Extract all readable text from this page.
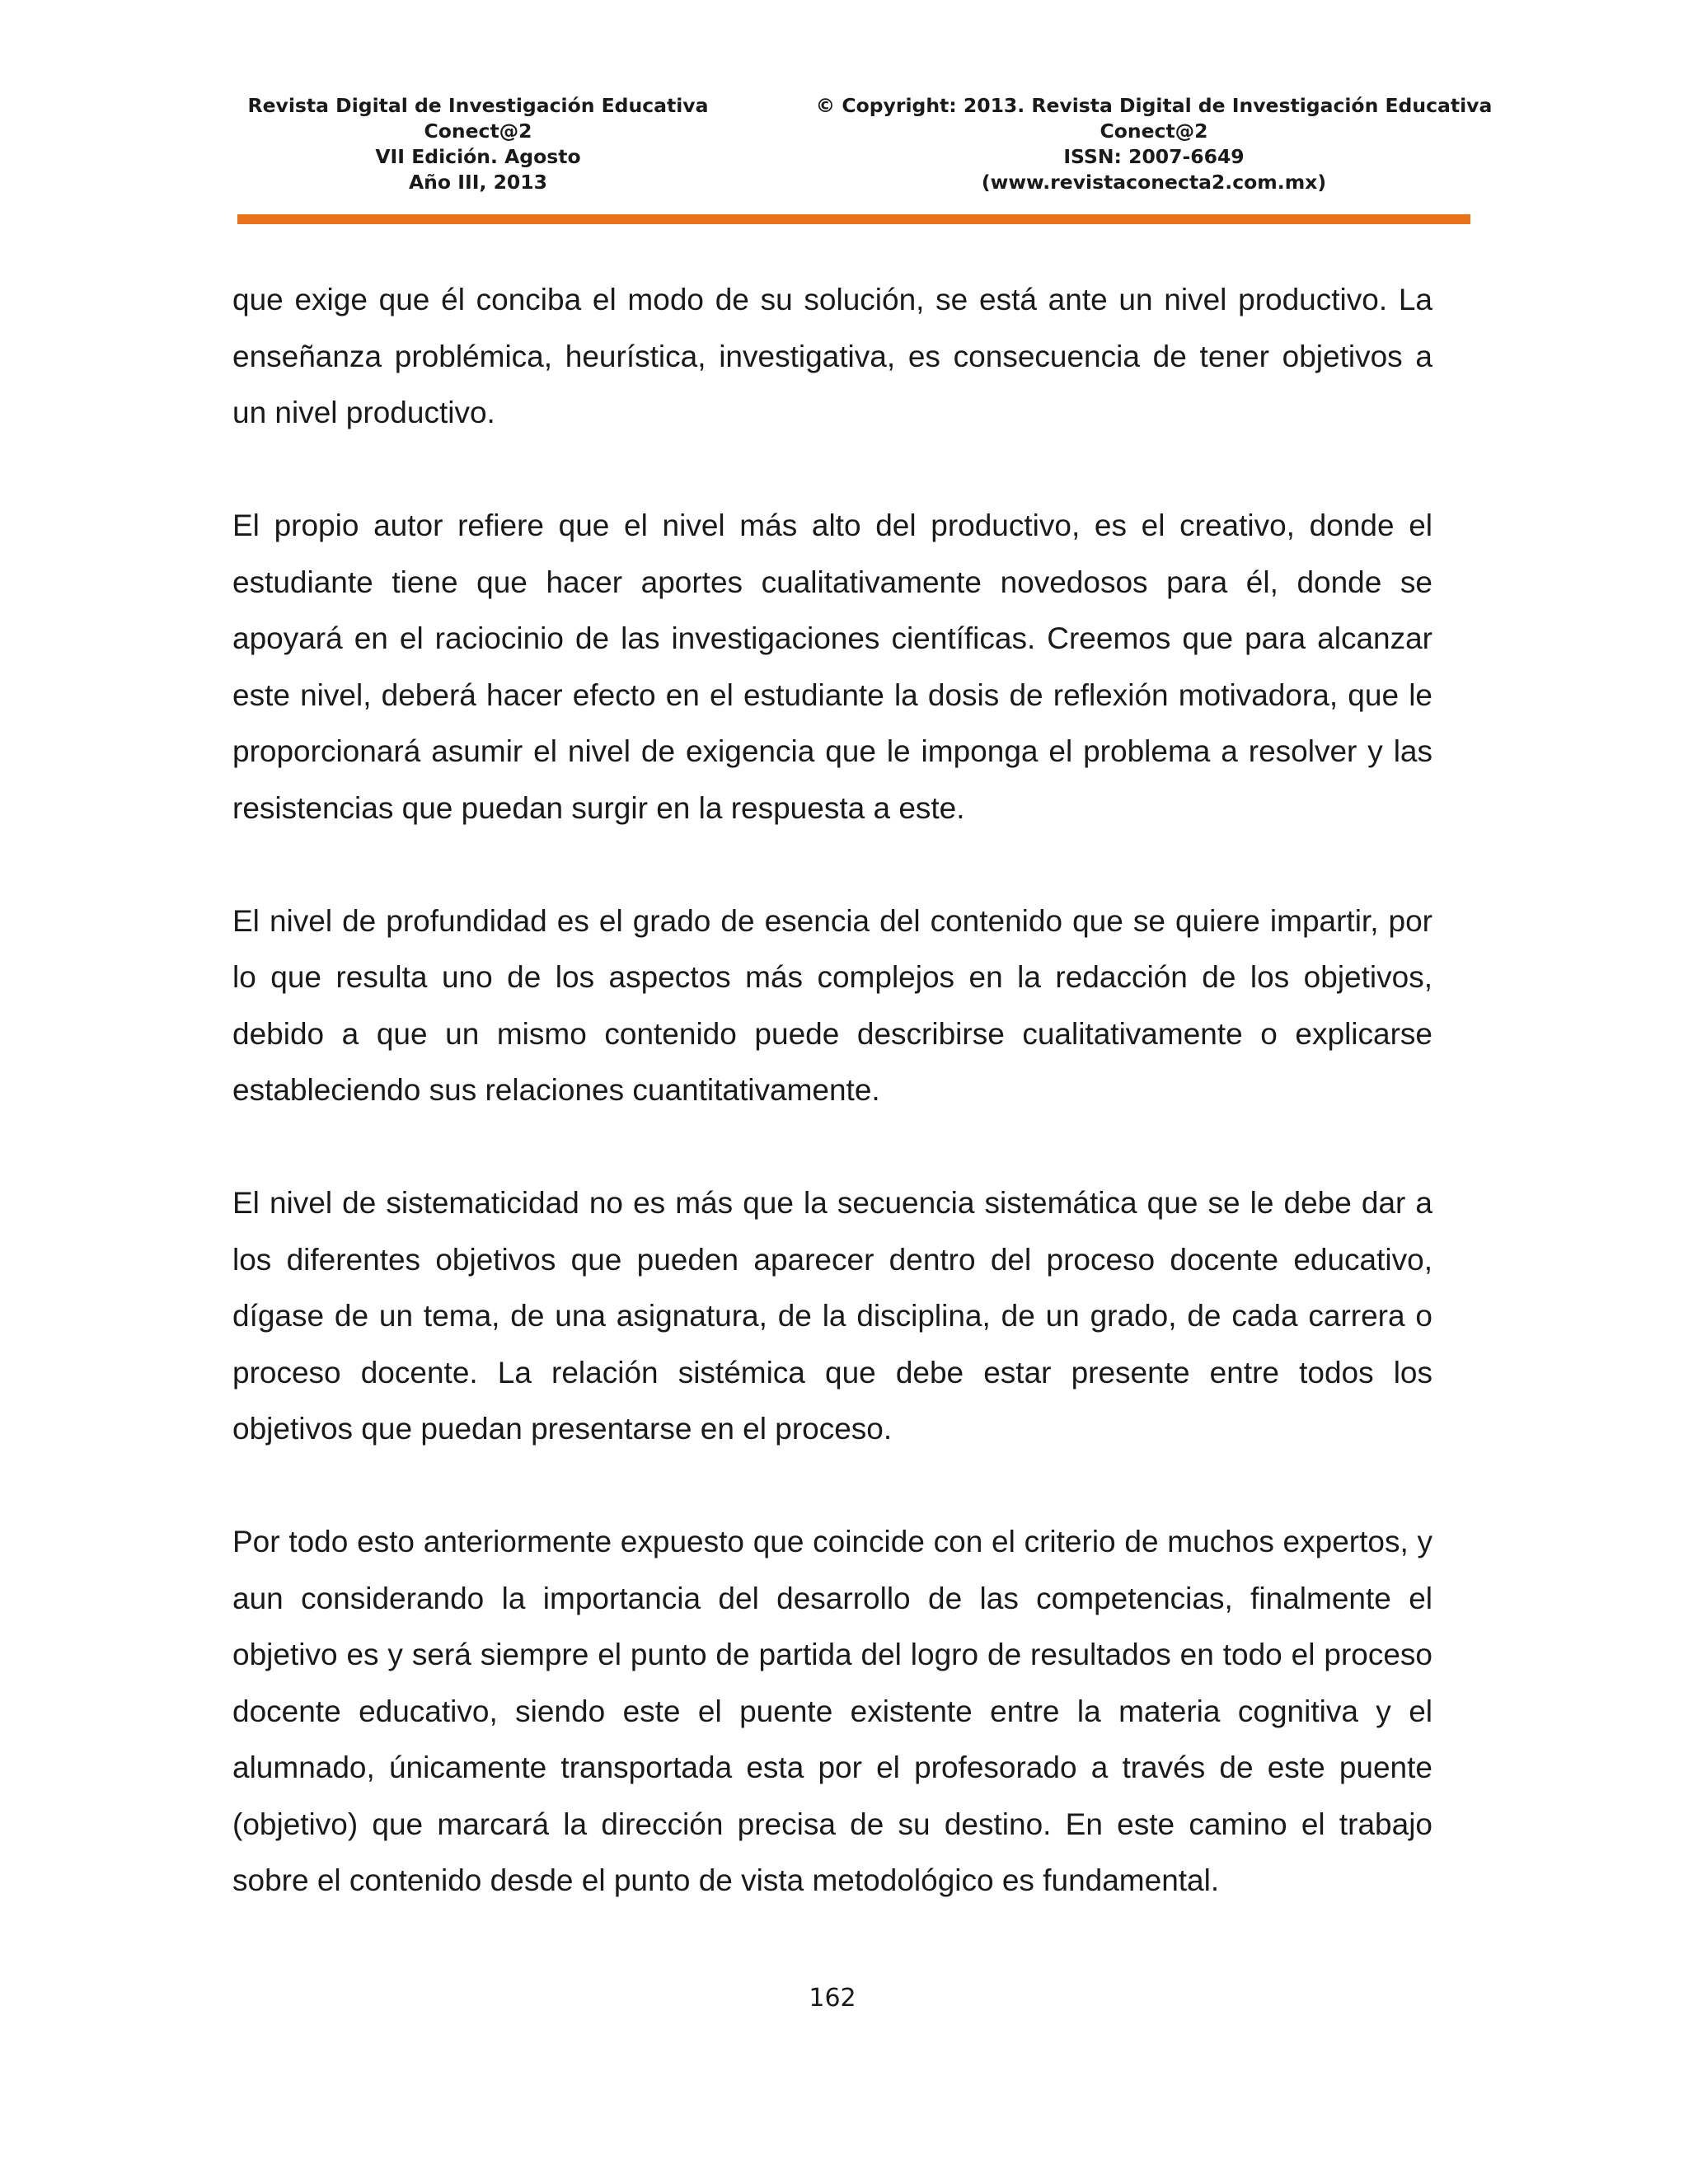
Revista Digital de Investigación Educativa
Conect@2
VII Edición. Agosto
Año III, 2013
© Copyright: 2013. Revista Digital de Investigación Educativa
Conect@2
ISSN: 2007-6649
(www.revistaconecta2.com.mx)

que exige que él conciba el modo de su solución, se está ante un nivel productivo. La enseñanza problémica, heurística, investigativa, es consecuencia de tener objetivos a un nivel productivo.

El propio autor refiere que el nivel más alto del productivo, es el creativo, donde el estudiante tiene que hacer aportes cualitativamente novedosos para él, donde se apoyará en el raciocinio de las investigaciones científicas. Creemos que para alcanzar este nivel, deberá hacer efecto en el estudiante la dosis de reflexión motivadora, que le proporcionará asumir el nivel de exigencia que le imponga el problema a resolver y las resistencias que puedan surgir en la respuesta a este.

El nivel de profundidad es el grado de esencia del contenido que se quiere impartir, por lo que resulta uno de los aspectos más complejos en la redacción de los objetivos, debido a que un mismo contenido puede describirse cualitativamente o explicarse estableciendo sus relaciones cuantitativamente.

El nivel de sistematicidad no es más que la secuencia sistemática que se le debe dar a los diferentes objetivos que pueden aparecer dentro del proceso docente educativo, dígase de un tema, de una asignatura, de la disciplina, de un grado, de cada carrera o proceso docente. La relación sistémica que debe estar presente entre todos los objetivos que puedan presentarse en el proceso.

Por todo esto anteriormente expuesto que coincide con el criterio de muchos expertos, y aun considerando la importancia del desarrollo de las competencias, finalmente el objetivo es y será siempre el punto de partida del logro de resultados en todo el proceso docente educativo, siendo este el puente existente entre la materia cognitiva y el alumnado, únicamente transportada esta por el profesorado a través de este puente (objetivo) que marcará la dirección precisa de su destino. En este camino el trabajo sobre el contenido desde el punto de vista metodológico es fundamental.

162
